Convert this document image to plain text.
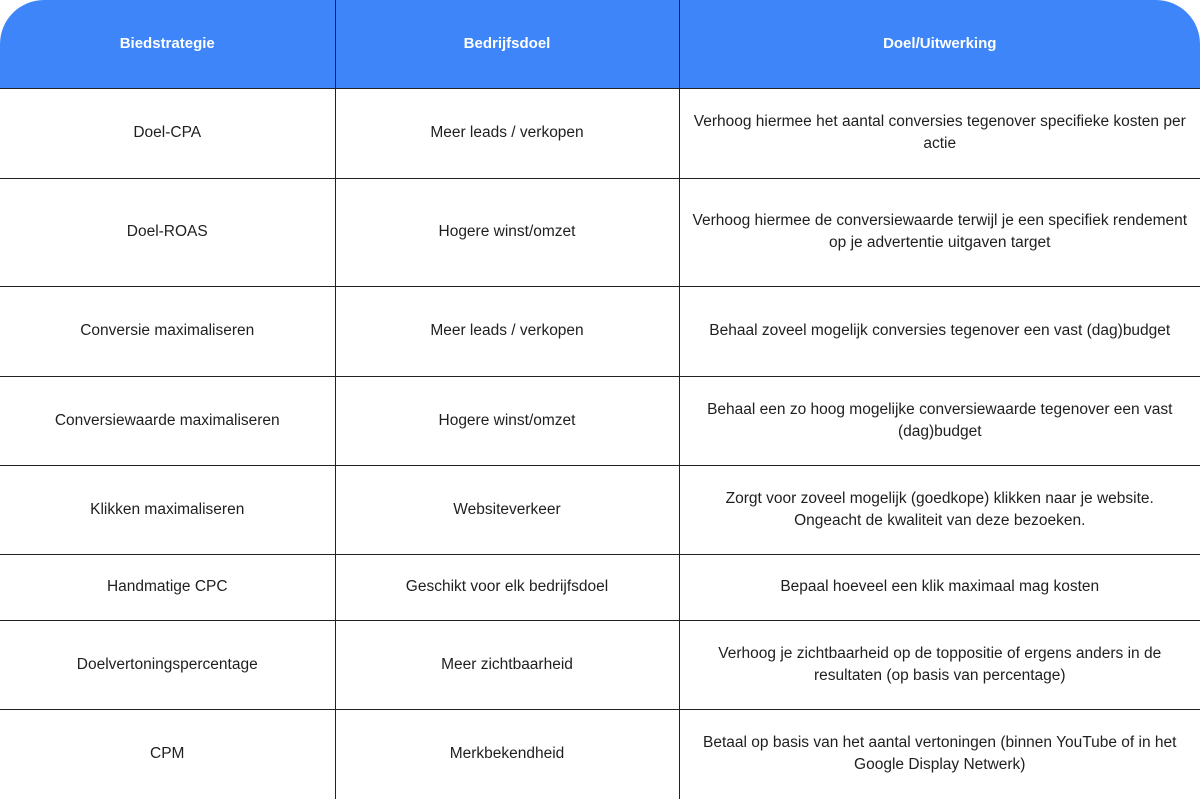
Biedstrategie	Bedrijfsdoel	Doel/Uitwerking
Doel-CPA	Meer leads / verkopen	Verhoog hiermee het aantal conversies tegenover specifieke kosten per actie
Doel-ROAS	Hogere winst/omzet	Verhoog hiermee de conversiewaarde terwijl je een specifiek rendement op je advertentie uitgaven target
Conversie maximaliseren	Meer leads / verkopen	Behaal zoveel mogelijk conversies tegenover een vast (dag)budget
Conversiewaarde maximaliseren	Hogere winst/omzet	Behaal een zo hoog mogelijke conversiewaarde tegenover een vast (dag)budget
Klikken maximaliseren	Websiteverkeer	Zorgt voor zoveel mogelijk (goedkope) klikken naar je website. Ongeacht de kwaliteit van deze bezoeken.
Handmatige CPC	Geschikt voor elk bedrijfsdoel	Bepaal hoeveel een klik maximaal mag kosten
Doelvertoningspercentage	Meer zichtbaarheid	Verhoog je zichtbaarheid op de toppositie of ergens anders in de resultaten (op basis van percentage)
CPM	Merkbekendheid	Betaal op basis van het aantal vertoningen (binnen YouTube of in het Google Display Netwerk)
